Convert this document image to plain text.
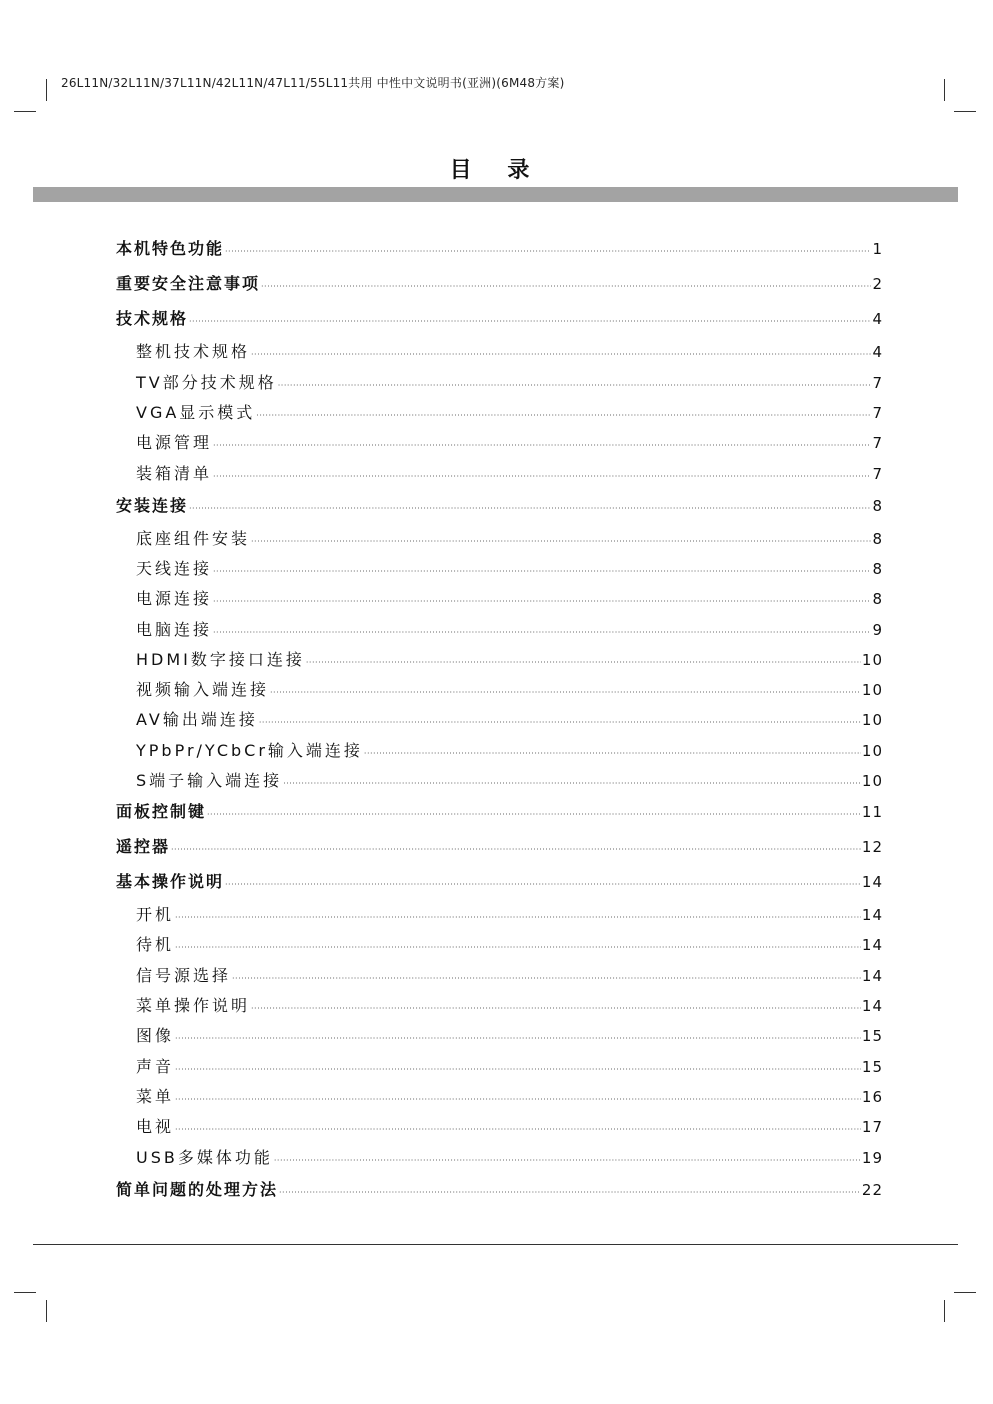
26L11N/32L11N/37L11N/42L11N/47L11/55L11共用 中性中文说明书(亚洲)(6M48方案)
目 录
本机特色功能 ·····	1
重要安全注意事项 ·····	2
技术规格 ·····	4
整机技术规格 ·····	4
TV部分技术规格 ·····	7
VGA显示模式 ·····	7
电源管理 ·····	7
装箱清单 ·····	7
安装连接 ·····	8
底座组件安装 ·····	8
天线连接 ·····	8
电源连接 ·····	8
电脑连接 ·····	9
HDMI数字接口连接 ·····	10
视频输入端连接 ·····	10
AV输出端连接 ·····	10
YPbPr/YCbCr输入端连接 ·····	10
S端子输入端连接 ·····	10
面板控制键 ·····	11
遥控器 ·····	12
基本操作说明 ·····	14
开机 ·····	14
待机 ·····	14
信号源选择 ·····	14
菜单操作说明 ·····	14
图像 ·····	15
声音 ·····	15
菜单 ·····	16
电视 ·····	17
USB多媒体功能 ·····	19
简单问题的处理方法 ·····	22
